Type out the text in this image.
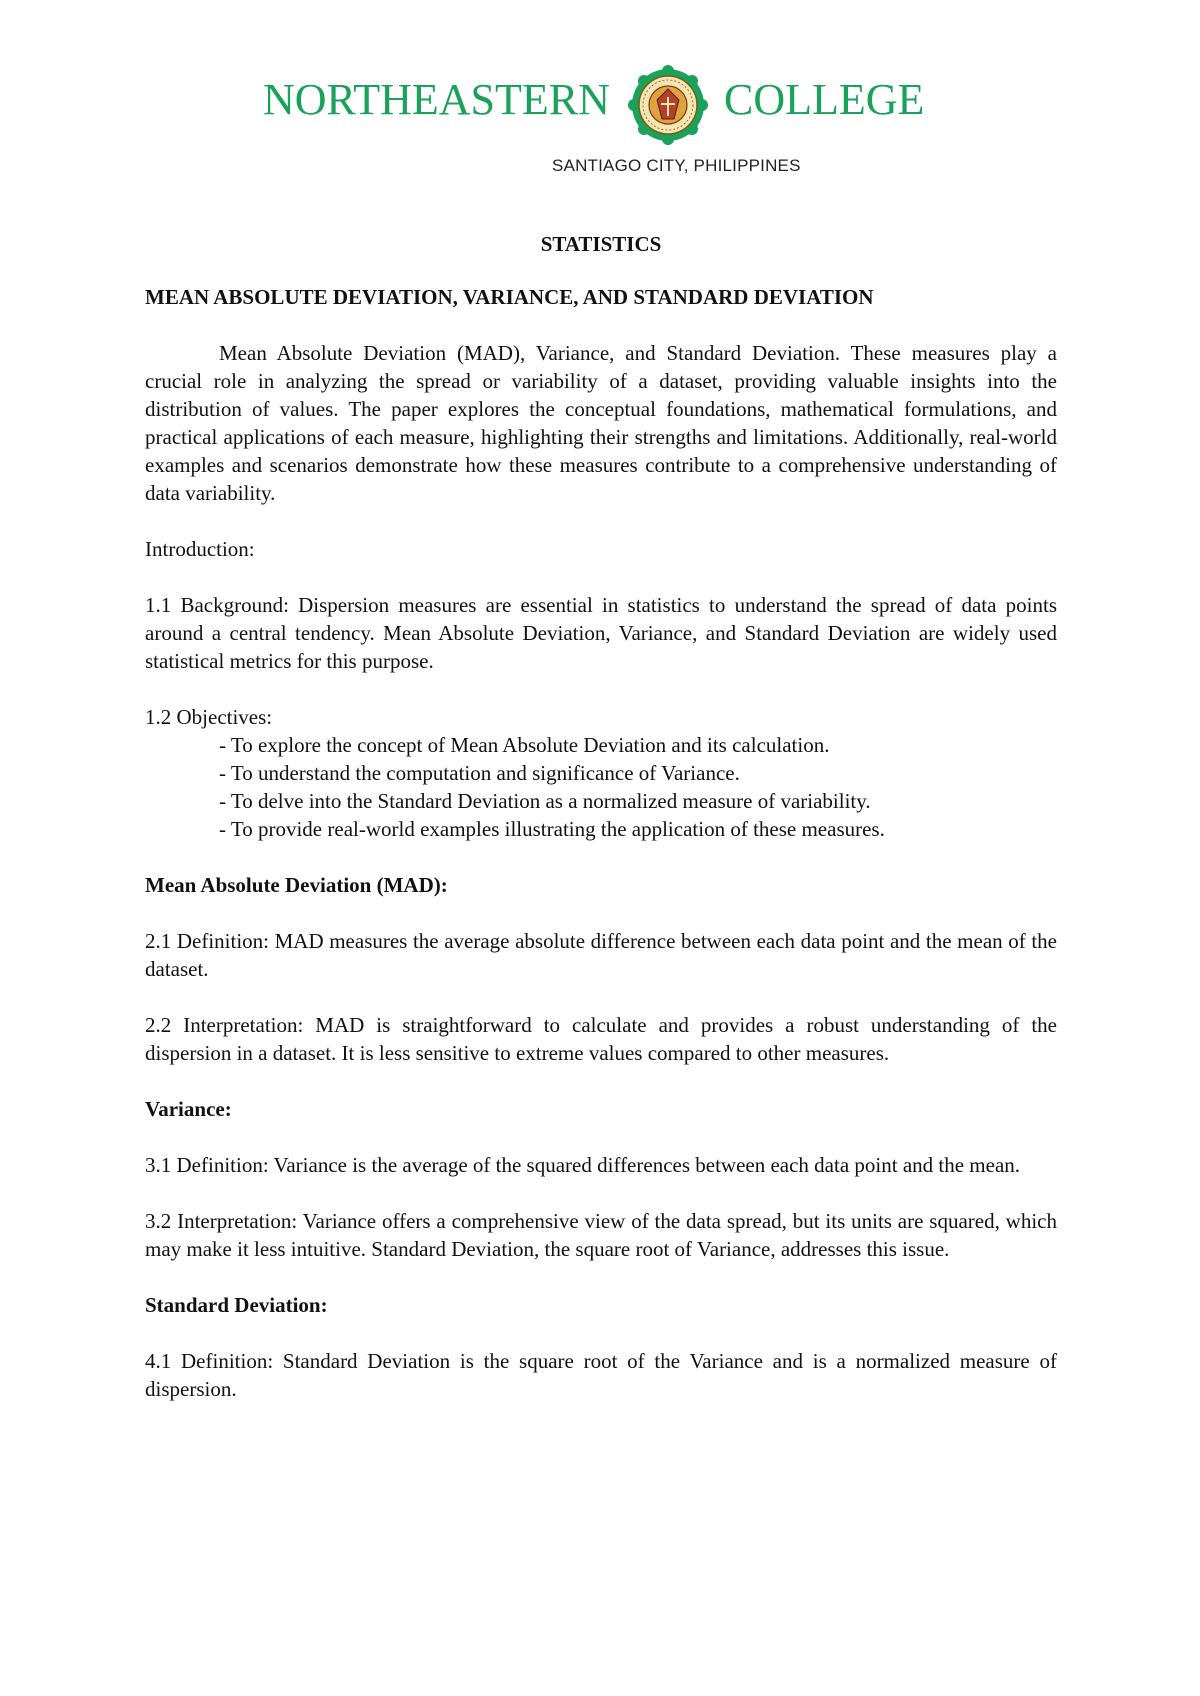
NORTHEASTERN	COLLEGE
SANTIAGO CITY, PHILIPPINES
STATISTICS
MEAN ABSOLUTE DEVIATION, VARIANCE, AND STANDARD DEVIATION

Mean Absolute Deviation (MAD), Variance, and Standard Deviation. These measures play a crucial role in analyzing the spread or variability of a dataset, providing valuable insights into the distribution of values. The paper explores the conceptual foundations, mathematical formulations, and practical applications of each measure, highlighting their strengths and limitations. Additionally, real-world examples and scenarios demonstrate how these measures contribute to a comprehensive understanding of data variability.

Introduction:

1.1 Background: Dispersion measures are essential in statistics to understand the spread of data points around a central tendency. Mean Absolute Deviation, Variance, and Standard Deviation are widely used statistical metrics for this purpose.

1.2 Objectives:

- To explore the concept of Mean Absolute Deviation and its calculation.
- To understand the computation and significance of Variance.
- To delve into the Standard Deviation as a normalized measure of variability.
- To provide real-world examples illustrating the application of these measures.
Mean Absolute Deviation (MAD):

2.1 Definition: MAD measures the average absolute difference between each data point and the mean of the dataset.

2.2 Interpretation: MAD is straightforward to calculate and provides a robust understanding of the dispersion in a dataset. It is less sensitive to extreme values compared to other measures.

Variance:

3.1 Definition: Variance is the average of the squared differences between each data point and the mean.

3.2 Interpretation: Variance offers a comprehensive view of the data spread, but its units are squared, which may make it less intuitive. Standard Deviation, the square root of Variance, addresses this issue.

Standard Deviation:

4.1 Definition: Standard Deviation is the square root of the Variance and is a normalized measure of dispersion.
